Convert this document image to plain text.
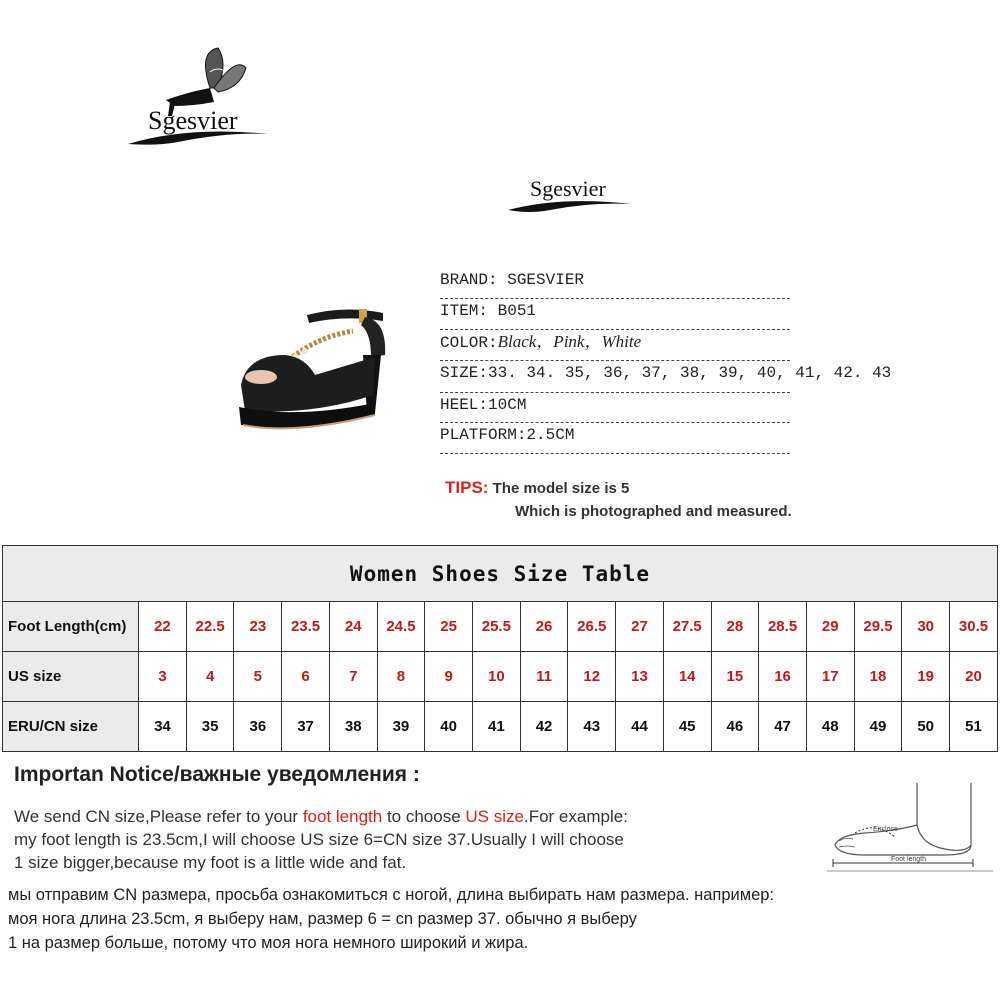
Sgesvier
Sgesvier
BRAND: SGESVIER
ITEM: B051
COLOR:Black，Pink，White
SIZE:33. 34. 35, 36, 37, 38, 39, 40, 41, 42. 43
HEEL:10CM
PLATFORM:2.5CM
TIPS: The model size is 5
Which is photographed and measured.
Women Shoes Size Table																		
Foot Length(cm)	22	22.5	23	23.5	24	24.5	25	25.5	26	26.5	27	27.5	28	28.5	29	29.5	30	30.5
US size	3	4	5	6	7	8	9	10	11	12	13	14	15	16	17	18	19	20
ERU/CN size	34	35	36	37	38	39	40	41	42	43	44	45	46	47	48	49	50	51
Importan Notice/важные уведомления :
We send CN size,Please refer to your foot length to choose US size.For example:
my foot length is 23.5cm,I will choose US size 6=CN size 37.Usually I will choose
1 size bigger,because my foot is a little wide and fat.
мы отправим CN размера, просьба ознакомиться с ногой, длина выбирать нам размера. например:
моя нога длина 23.5cm, я выберу нам, размер 6 = cn размер 37. обычно я выберу
1 на размер больше, потому что моя нога немного широкий и жира.
Enclose
Foot length
